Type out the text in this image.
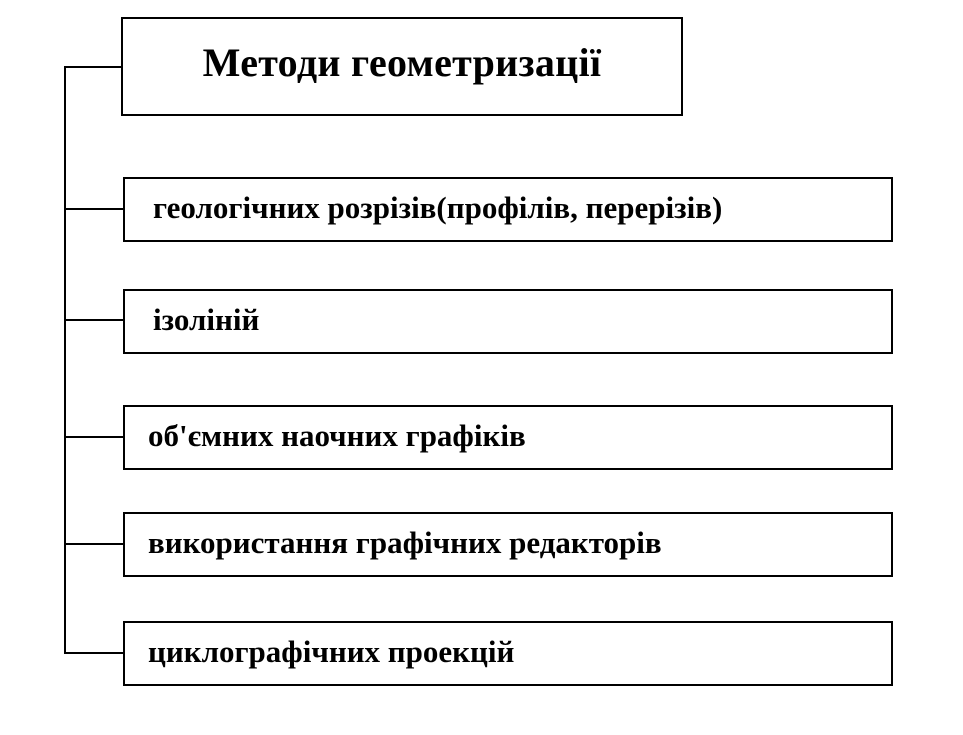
Методи геометризації
геологічних розрізів(профілів, перерізів)
ізоліній
об'ємних наочних графіків
використання графічних редакторів
циклографічних проекцій
